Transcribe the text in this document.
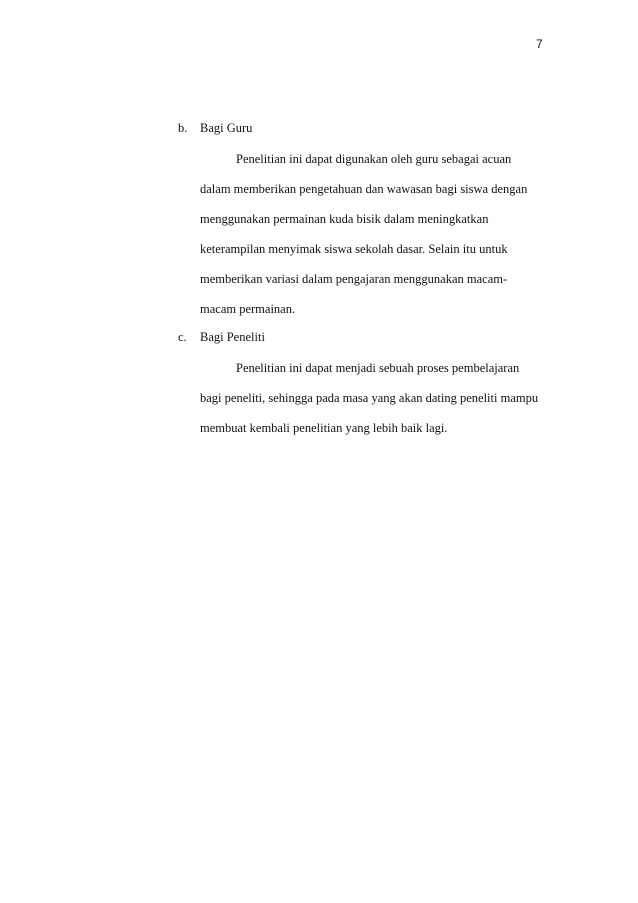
7
b. Bagi Guru
Penelitian ini dapat digunakan oleh guru sebagai acuan
dalam memberikan pengetahuan dan wawasan bagi siswa dengan
menggunakan permainan kuda bisik dalam meningkatkan
keterampilan menyimak siswa sekolah dasar. Selain itu untuk
memberikan variasi dalam pengajaran menggunakan macam-
macam permainan.
c. Bagi Peneliti
Penelitian ini dapat menjadi sebuah proses pembelajaran
bagi peneliti, sehingga pada masa yang akan dating peneliti mampu
membuat kembali penelitian yang lebih baik lagi.
